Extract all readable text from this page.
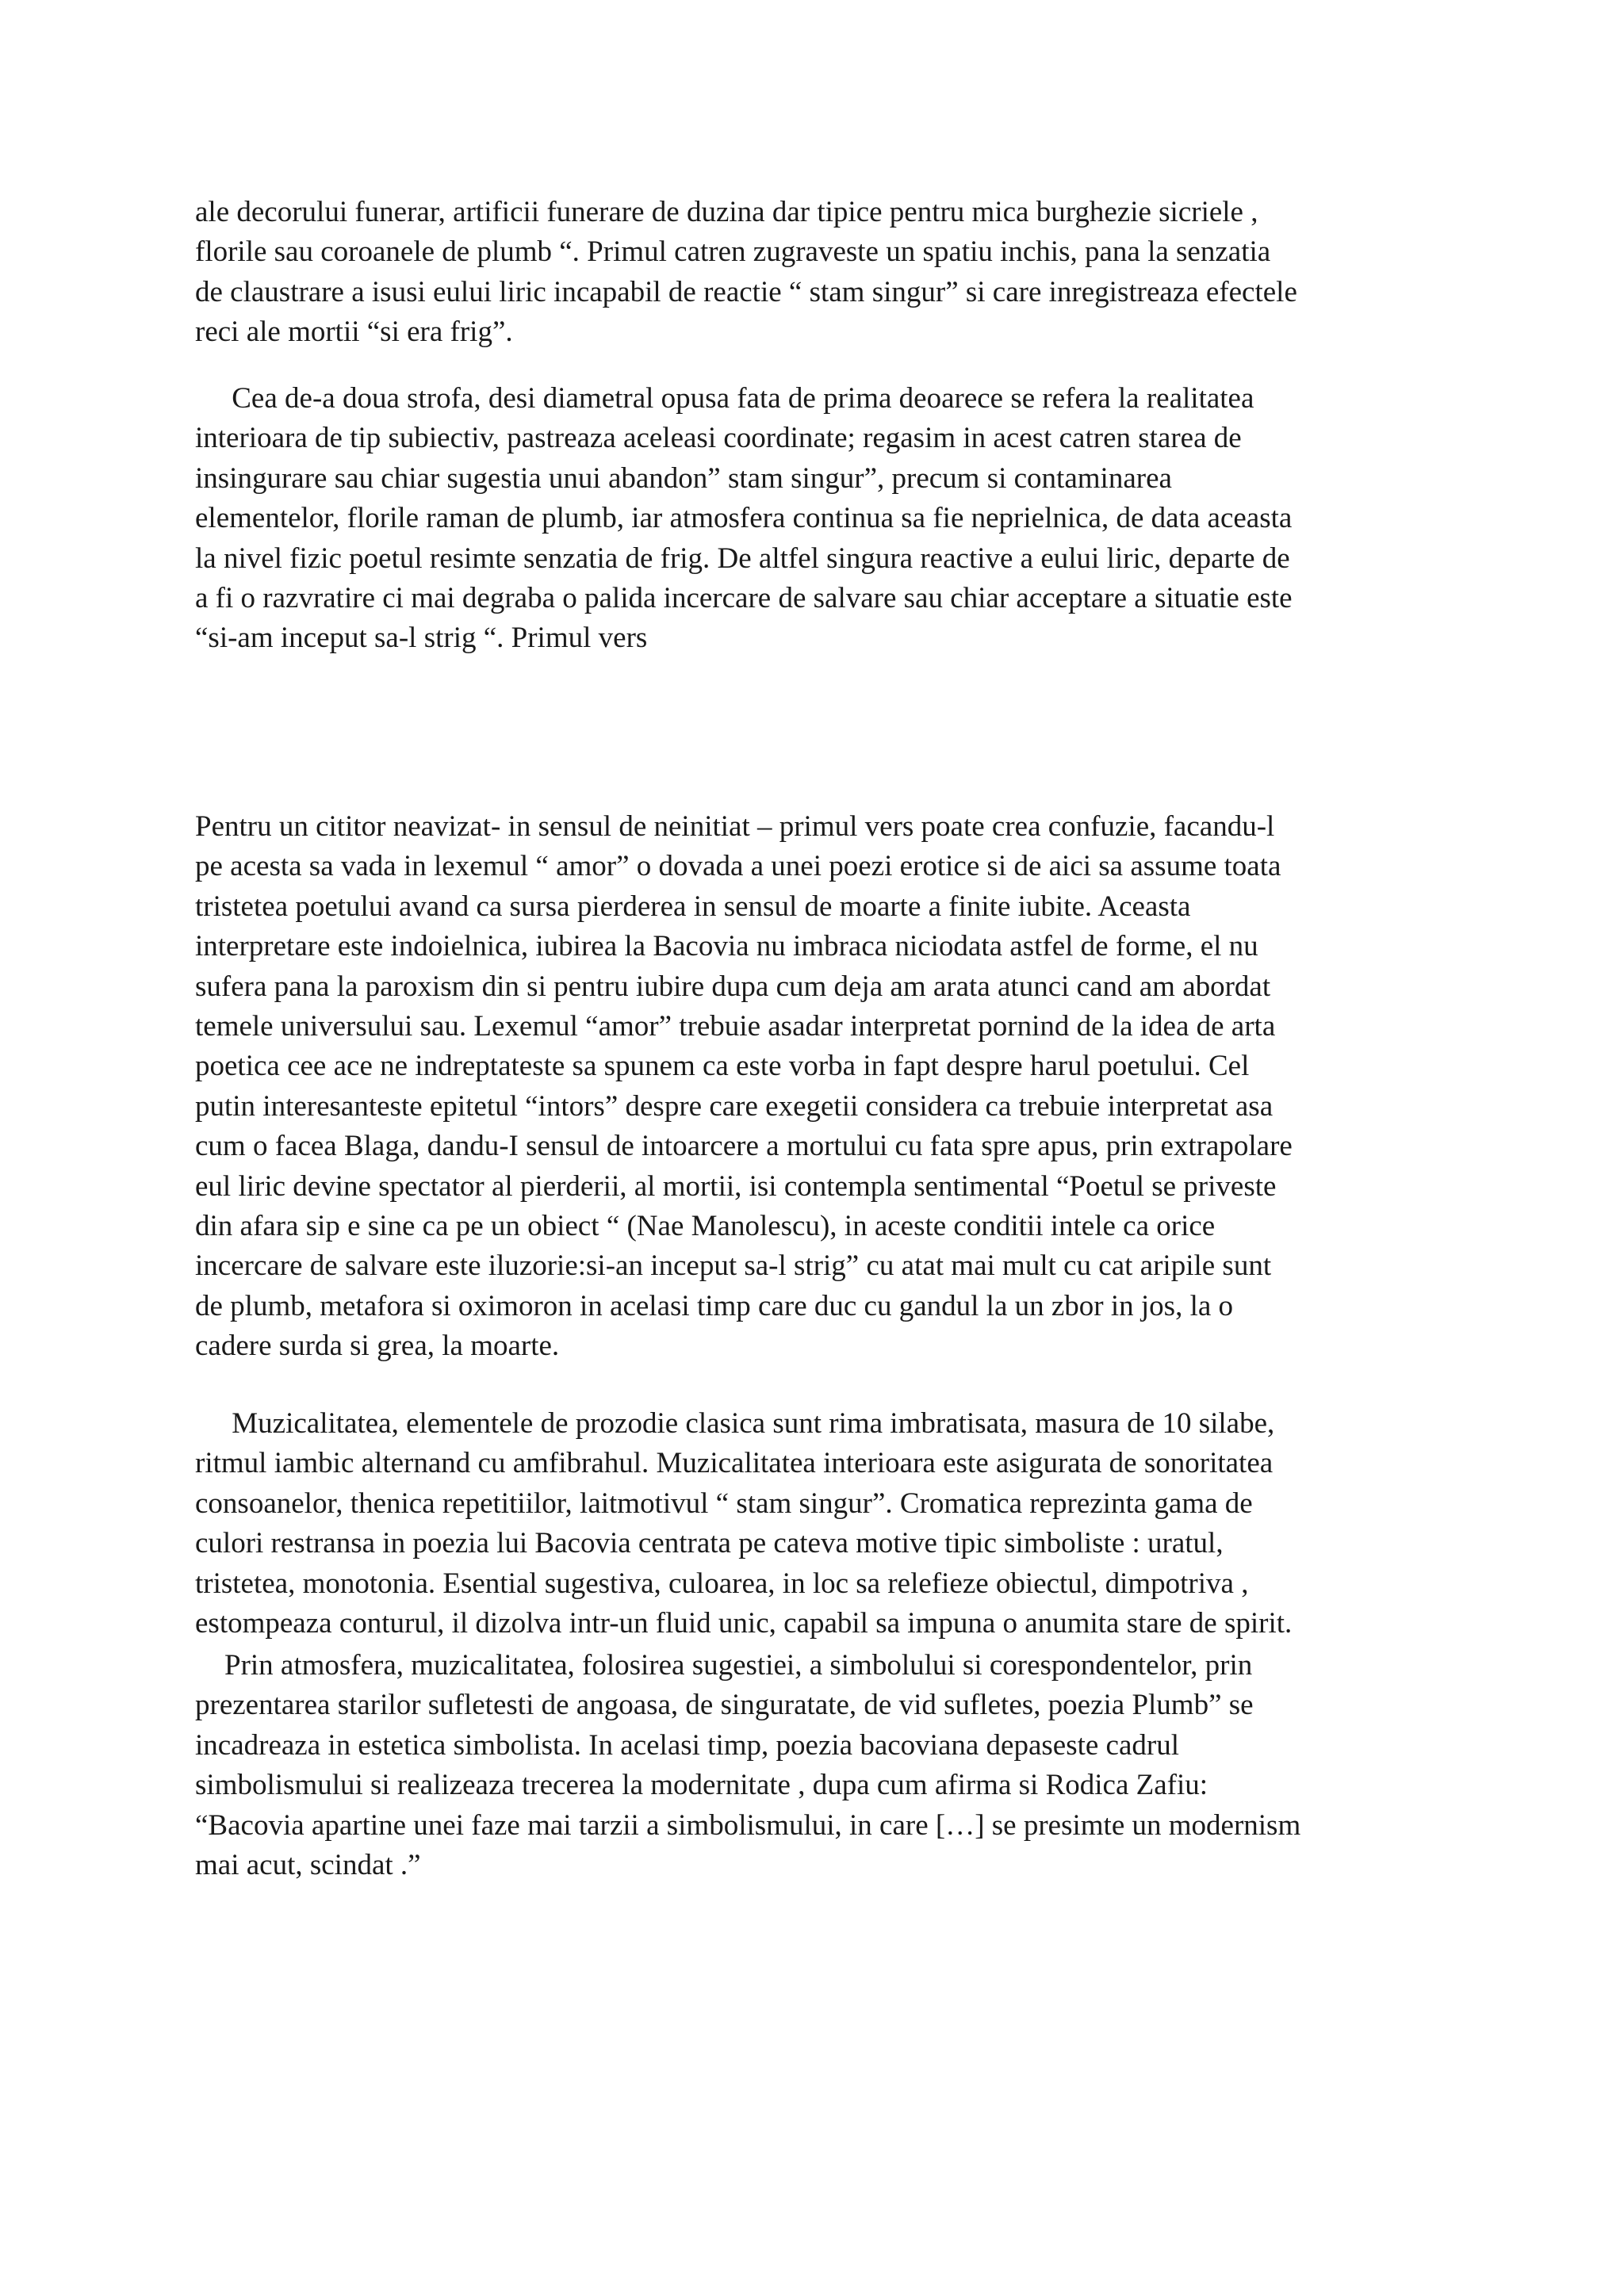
ale decorului funerar, artificii funerare de duzina dar tipice pentru mica burghezie sicriele ,
florile sau coroanele de plumb “. Primul catren zugraveste un spatiu inchis, pana la senzatia
de claustrare a isusi eului liric incapabil de reactie “ stam singur” si care inregistreaza efectele
reci ale mortii “si era frig”.

Cea de-a doua strofa, desi diametral opusa fata de prima deoarece se refera la realitatea
interioara de tip subiectiv, pastreaza aceleasi coordinate; regasim in acest catren starea de
insingurare sau chiar sugestia unui abandon” stam singur”, precum si contaminarea
elementelor, florile raman de plumb, iar atmosfera continua sa fie neprielnica, de data aceasta
la nivel fizic poetul resimte senzatia de frig. De altfel singura reactive a eului liric, departe de
a fi o razvratire ci mai degraba o palida incercare de salvare sau chiar acceptare a situatie este
“si-am inceput sa-l strig “. Primul vers

Pentru un cititor neavizat- in sensul de neinitiat – primul vers poate crea confuzie, facandu-l
pe acesta sa vada in lexemul “ amor” o dovada a unei poezi erotice si de aici sa assume toata
tristetea poetului avand ca sursa pierderea in sensul de moarte a finite iubite. Aceasta
interpretare este indoielnica, iubirea la Bacovia nu imbraca niciodata astfel de forme, el nu
sufera pana la paroxism din si pentru iubire dupa cum deja am arata atunci cand am abordat
temele universului sau. Lexemul “amor” trebuie asadar interpretat pornind de la idea de arta
poetica cee ace ne indreptateste sa spunem ca este vorba in fapt despre harul poetului. Cel
putin interesanteste epitetul “intors” despre care exegetii considera ca trebuie interpretat asa
cum o facea Blaga, dandu-I sensul de intoarcere a mortului cu fata spre apus, prin extrapolare
eul liric devine spectator al pierderii, al mortii, isi contempla sentimental “Poetul se priveste
din afara sip e sine ca pe un obiect “ (Nae Manolescu), in aceste conditii intele ca orice
incercare de salvare este iluzorie:si-an inceput sa-l strig” cu atat mai mult cu cat aripile sunt
de plumb, metafora si oximoron in acelasi timp care duc cu gandul la un zbor in jos, la o
cadere surda si grea, la moarte.

Muzicalitatea, elementele de prozodie clasica sunt rima imbratisata, masura de 10 silabe,
ritmul iambic alternand cu amfibrahul. Muzicalitatea interioara este asigurata de sonoritatea
consoanelor, thenica repetitiilor, laitmotivul “ stam singur”. Cromatica reprezinta gama de
culori restransa in poezia lui Bacovia centrata pe cateva motive tipic simboliste : uratul,
tristetea, monotonia. Esential sugestiva, culoarea, in loc sa relefieze obiectul, dimpotriva ,
estompeaza conturul, il dizolva intr-un fluid unic, capabil sa impuna o anumita stare de spirit.

Prin atmosfera, muzicalitatea, folosirea sugestiei, a simbolului si corespondentelor, prin
prezentarea starilor sufletesti de angoasa, de singuratate, de vid sufletes, poezia Plumb” se
incadreaza in estetica simbolista. In acelasi timp, poezia bacoviana depaseste cadrul
simbolismului si realizeaza trecerea la modernitate , dupa cum afirma si Rodica Zafiu:
“Bacovia apartine unei faze mai tarzii a simbolismului, in care […] se presimte un modernism
mai acut, scindat .”
